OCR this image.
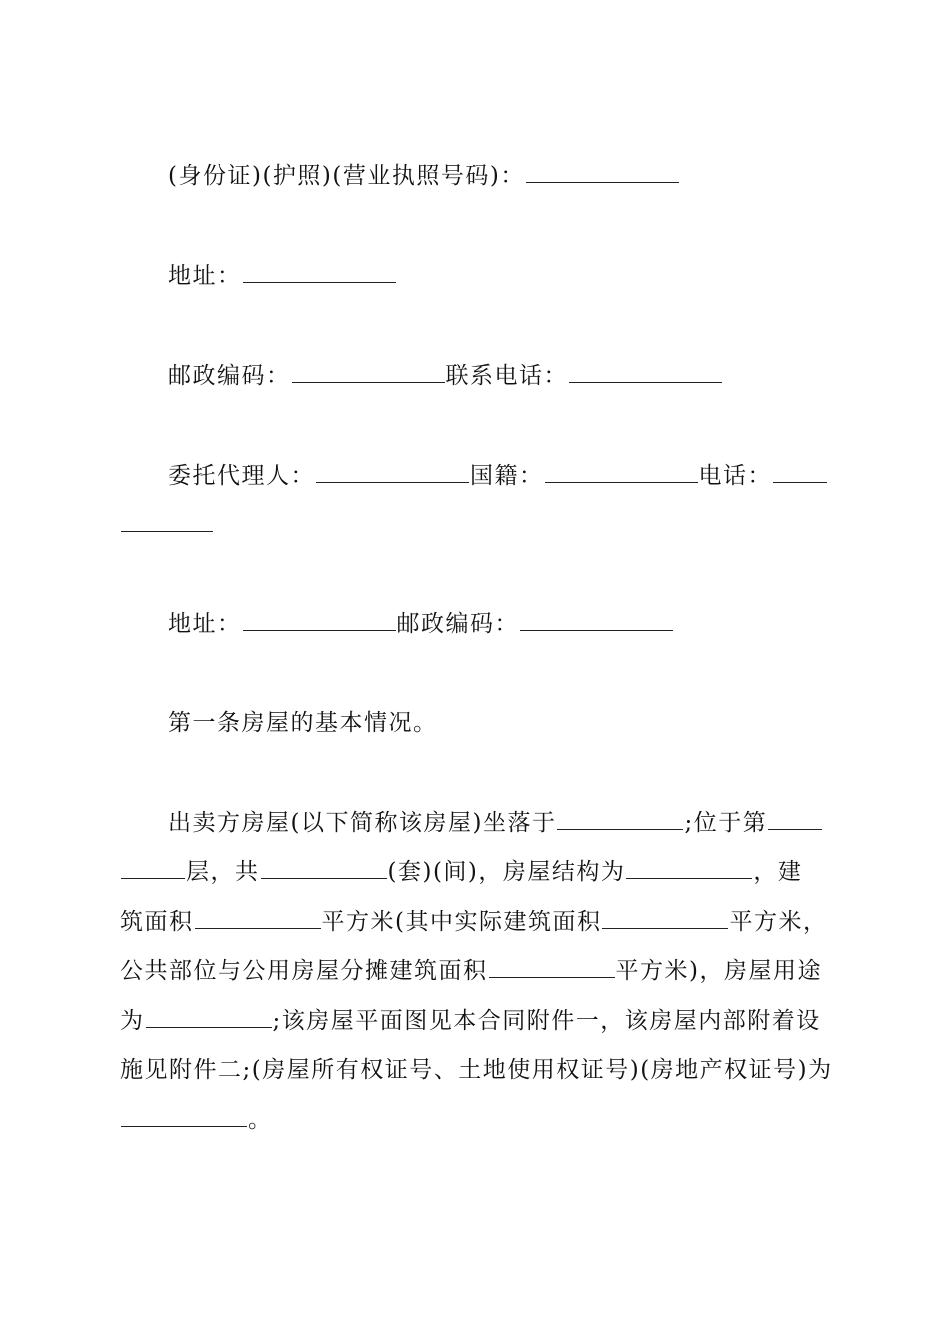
(身份证)(护照)(营业执照号码)：
地址：
邮政编码：	联系电话：
委托代理人：	国籍：	电话：
地址：	邮政编码：
第一条房屋的基本情况。
出卖方房屋(以下简称该房屋)坐落于	;位于第
层，共	(套)(间)，房屋结构为	，建
筑面积	平方米(其中实际建筑面积	平方米，
公共部位与公用房屋分摊建筑面积	平方米)，房屋用途
为	;该房屋平面图见本合同附件一，该房屋内部附着设
施见附件二;(房屋所有权证号、土地使用权证号)(房地产权证号)为
。
